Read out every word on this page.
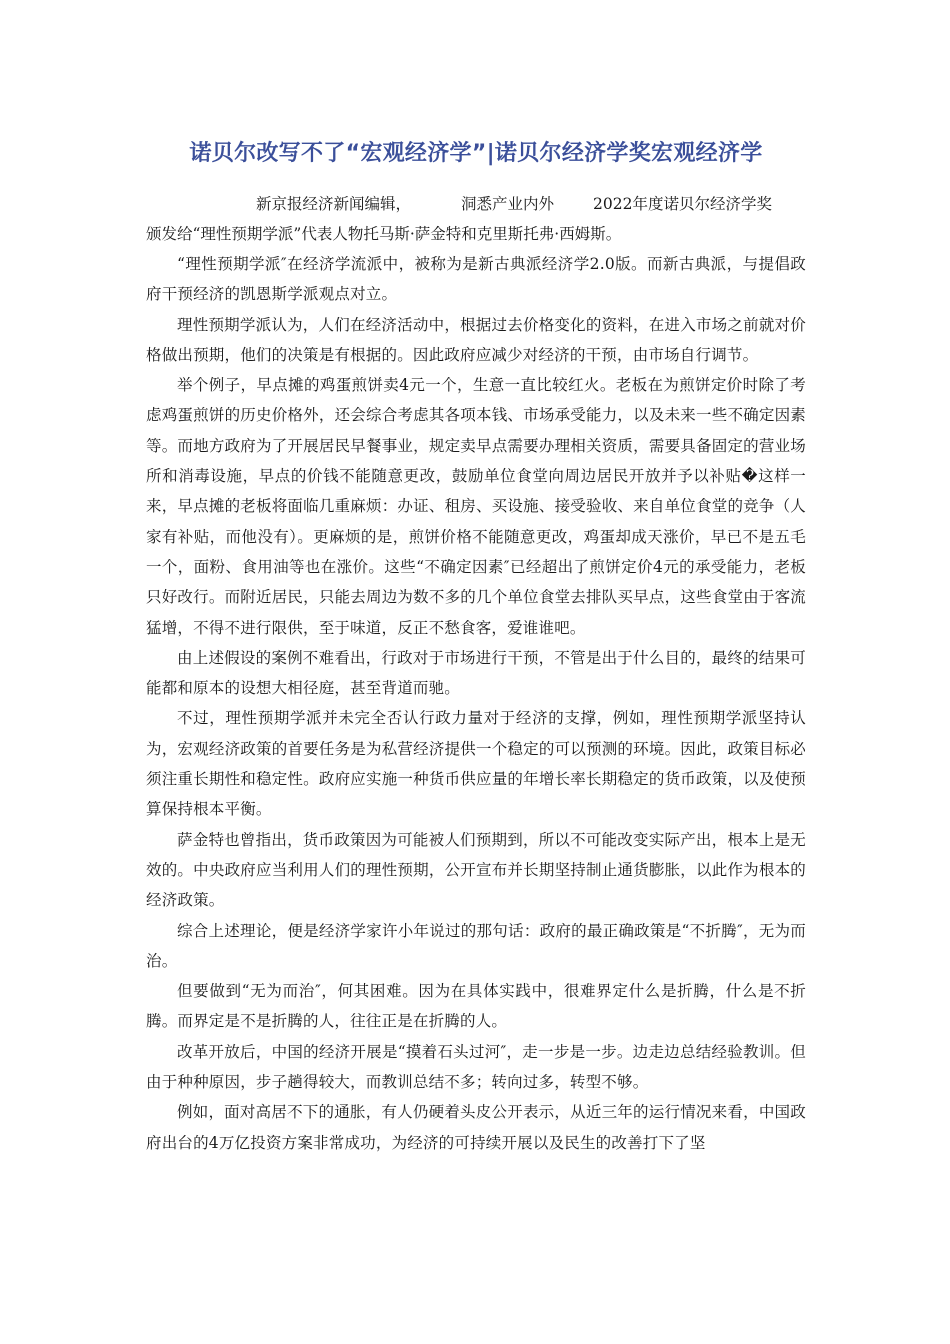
诺贝尔改写不了“宏观经济学”|诺贝尔经济学奖宏观经济学
新京报经济新闻编辑，	洞悉产业内外	2022年度诺贝尔经济学奖
颁发给“理性预期学派”代表人物托马斯·萨金特和克里斯托弗·西姆斯。

“理性预期学派″在经济学流派中，被称为是新古典派经济学2.0版。而新古典派，与提倡政府干预经济的凯恩斯学派观点对立。

理性预期学派认为，人们在经济活动中，根据过去价格变化的资料，在进入市场之前就对价格做出预期，他们的决策是有根据的。因此政府应减少对经济的干预，由市场自行调节。

举个例子，早点摊的鸡蛋煎饼卖4元一个，生意一直比较红火。老板在为煎饼定价时除了考虑鸡蛋煎饼的历史价格外，还会综合考虑其各项本钱、市场承受能力，以及未来一些不确定因素等。而地方政府为了开展居民早餐事业，规定卖早点需要办理相关资质，需要具备固定的营业场所和消毒设施，早点的价钱不能随意更改，鼓励单位食堂向周边居民开放并予以补贴�这样一来，早点摊的老板将面临几重麻烦：办证、租房、买设施、接受验收、来自单位食堂的竞争（人家有补贴，而他没有）。更麻烦的是，煎饼价格不能随意更改，鸡蛋却成天涨价，早已不是五毛一个，面粉、食用油等也在涨价。这些“不确定因素″已经超出了煎饼定价4元的承受能力，老板只好改行。而附近居民，只能去周边为数不多的几个单位食堂去排队买早点，这些食堂由于客流猛增，不得不进行限供，至于味道，反正不愁食客，爱谁谁吧。

由上述假设的案例不难看出，行政对于市场进行干预，不管是出于什么目的，最终的结果可能都和原本的设想大相径庭，甚至背道而驰。

不过，理性预期学派并未完全否认行政力量对于经济的支撑，例如，理性预期学派坚持认为，宏观经济政策的首要任务是为私营经济提供一个稳定的可以预测的环境。因此，政策目标必须注重长期性和稳定性。政府应实施一种货币供应量的年增长率长期稳定的货币政策，以及使预算保持根本平衡。

萨金特也曾指出，货币政策因为可能被人们预期到，所以不可能改变实际产出，根本上是无效的。中央政府应当利用人们的理性预期，公开宣布并长期坚持制止通货膨胀，以此作为根本的经济政策。

综合上述理论，便是经济学家许小年说过的那句话：政府的最正确政策是“不折腾″，无为而治。

但要做到“无为而治″，何其困难。因为在具体实践中，很难界定什么是折腾，什么是不折腾。而界定是不是折腾的人，往往正是在折腾的人。

改革开放后，中国的经济开展是“摸着石头过河″，走一步是一步。边走边总结经验教训。但由于种种原因，步子趟得较大，而教训总结不多；转向过多，转型不够。

例如，面对高居不下的通胀，有人仍硬着头皮公开表示，从近三年的运行情况来看，中国政府出台的4万亿投资方案非常成功，为经济的可持续开展以及民生的改善打下了坚
